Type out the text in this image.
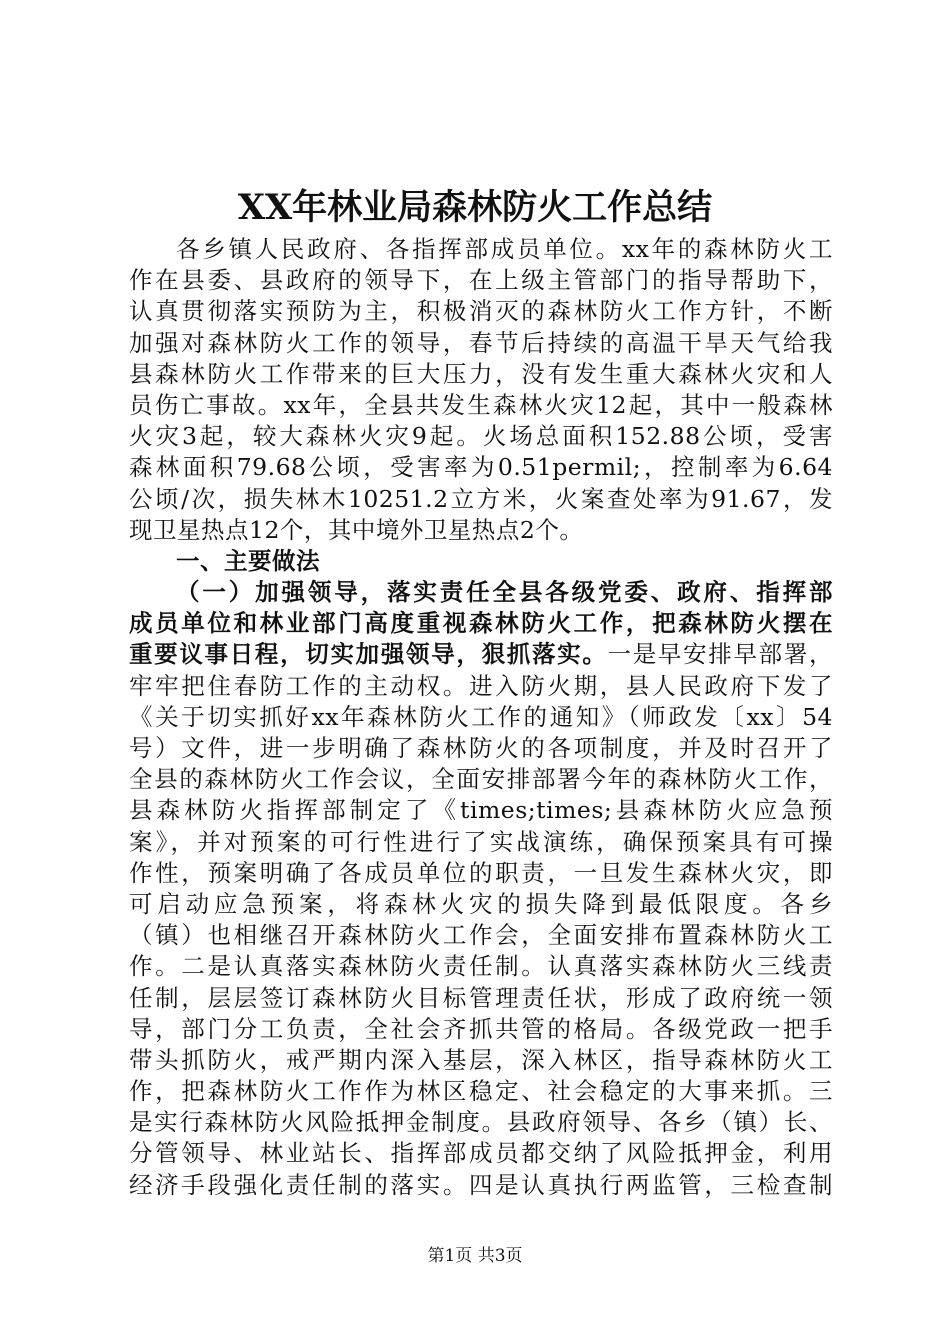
XX年林业局森林防火工作总结
各乡镇人民政府、各指挥部成员单位。xx年的森林防火工
作在县委、县政府的领导下，在上级主管部门的指导帮助下，
认真贯彻落实预防为主，积极消灭的森林防火工作方针，不断
加强对森林防火工作的领导，春节后持续的高温干旱天气给我
县森林防火工作带来的巨大压力，没有发生重大森林火灾和人
员伤亡事故。xx年，全县共发生森林火灾12起，其中一般森林
火灾3起，较大森林火灾9起。火场总面积152.88公顷，受害
森林面积79.68公顷，受害率为0.51permil;，控制率为6.64
公顷/次，损失林木10251.2立方米，火案查处率为91.67，发
现卫星热点12个，其中境外卫星热点2个。
一、主要做法
（一）加强领导，落实责任全县各级党委、政府、指挥部
成员单位和林业部门高度重视森林防火工作，把森林防火摆在
重要议事日程，切实加强领导，狠抓落实。一是早安排早部署，
牢牢把住春防工作的主动权。进入防火期，县人民政府下发了
《关于切实抓好xx年森林防火工作的通知》（师政发〔xx〕54
号）文件，进一步明确了森林防火的各项制度，并及时召开了
全县的森林防火工作会议，全面安排部署今年的森林防火工作，
县森林防火指挥部制定了《times;times;县森林防火应急预
案》，并对预案的可行性进行了实战演练，确保预案具有可操
作性，预案明确了各成员单位的职责，一旦发生森林火灾，即
可启动应急预案，将森林火灾的损失降到最低限度。各乡
（镇）也相继召开森林防火工作会，全面安排布置森林防火工
作。二是认真落实森林防火责任制。认真落实森林防火三线责
任制，层层签订森林防火目标管理责任状，形成了政府统一领
导，部门分工负责，全社会齐抓共管的格局。各级党政一把手
带头抓防火，戒严期内深入基层，深入林区，指导森林防火工
作，把森林防火工作作为林区稳定、社会稳定的大事来抓。三
是实行森林防火风险抵押金制度。县政府领导、各乡（镇）长、
分管领导、林业站长、指挥部成员都交纳了风险抵押金，利用
经济手段强化责任制的落实。四是认真执行两监管，三检查制
第1页 共3页
